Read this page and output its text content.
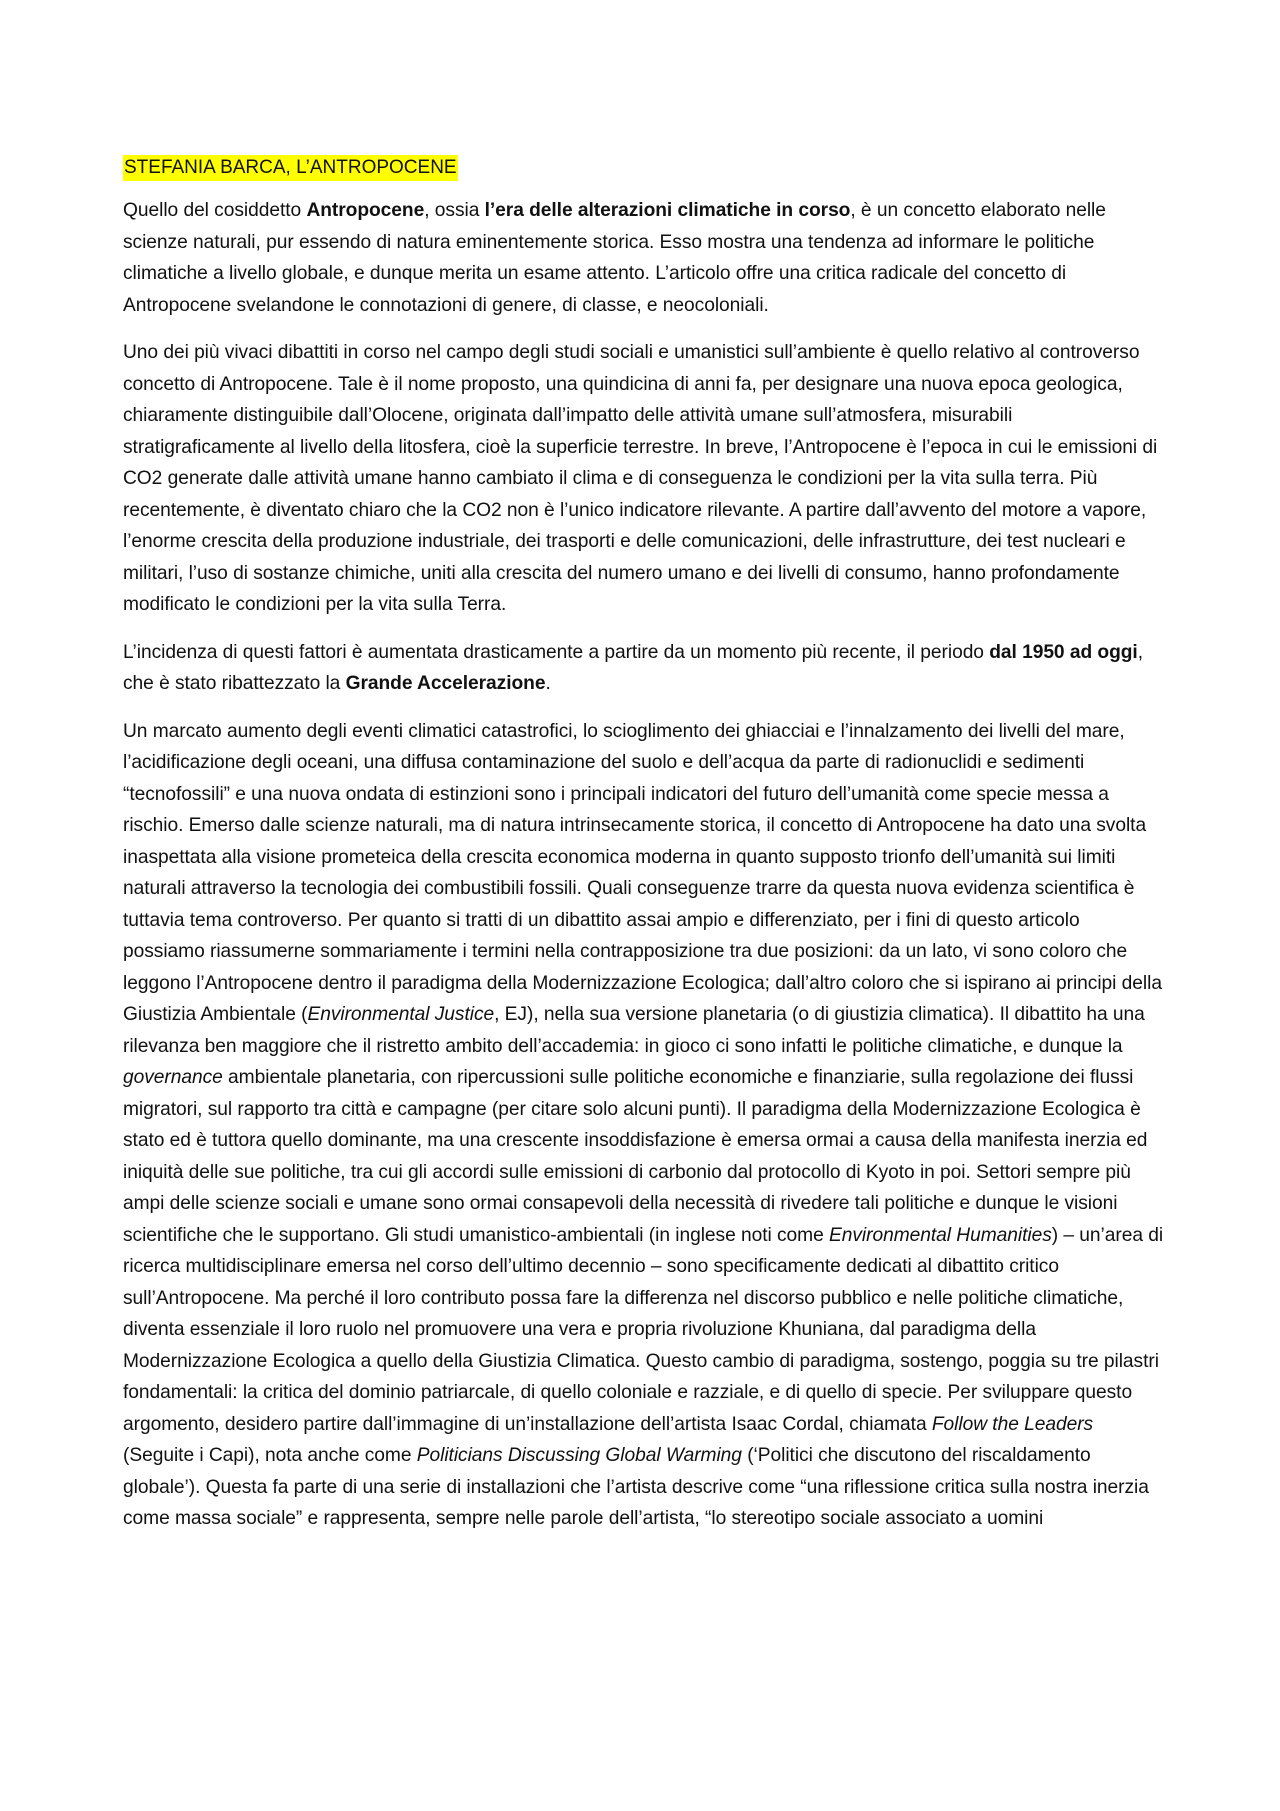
STEFANIA BARCA, L’ANTROPOCENE

Quello del cosiddetto Antropocene, ossia l’era delle alterazioni climatiche in corso, è un concetto elaborato nelle scienze naturali, pur essendo di natura eminentemente storica. Esso mostra una tendenza ad informare le politiche climatiche a livello globale, e dunque merita un esame attento. L’articolo offre una critica radicale del concetto di Antropocene svelandone le connotazioni di genere, di classe, e neocoloniali.

Uno dei più vivaci dibattiti in corso nel campo degli studi sociali e umanistici sull’ambiente è quello relativo al controverso concetto di Antropocene. Tale è il nome proposto, una quindicina di anni fa, per designare una nuova epoca geologica, chiaramente distinguibile dall’Olocene, originata dall’impatto delle attività umane sull’atmosfera, misurabili stratigraficamente al livello della litosfera, cioè la superficie terrestre. In breve, l’Antropocene è l’epoca in cui le emissioni di CO2 generate dalle attività umane hanno cambiato il clima e di conseguenza le condizioni per la vita sulla terra. Più recentemente, è diventato chiaro che la CO2 non è l’unico indicatore rilevante. A partire dall’avvento del motore a vapore, l’enorme crescita della produzione industriale, dei trasporti e delle comunicazioni, delle infrastrutture, dei test nucleari e militari, l’uso di sostanze chimiche, uniti alla crescita del numero umano e dei livelli di consumo, hanno profondamente modificato le condizioni per la vita sulla Terra.

L’incidenza di questi fattori è aumentata drasticamente a partire da un momento più recente, il periodo dal 1950 ad oggi, che è stato ribattezzato la Grande Accelerazione.

Un marcato aumento degli eventi climatici catastrofici, lo scioglimento dei ghiacciai e l’innalzamento dei livelli del mare, l’acidificazione degli oceani, una diffusa contaminazione del suolo e dell’acqua da parte di radionuclidi e sedimenti “tecnofossili” e una nuova ondata di estinzioni sono i principali indicatori del futuro dell’umanità come specie messa a rischio. Emerso dalle scienze naturali, ma di natura intrinsecamente storica, il concetto di Antropocene ha dato una svolta inaspettata alla visione prometeica della crescita economica moderna in quanto supposto trionfo dell’umanità sui limiti naturali attraverso la tecnologia dei combustibili fossili. Quali conseguenze trarre da questa nuova evidenza scientifica è tuttavia tema controverso. Per quanto si tratti di un dibattito assai ampio e differenziato, per i fini di questo articolo possiamo riassumerne sommariamente i termini nella contrapposizione tra due posizioni: da un lato, vi sono coloro che leggono l’Antropocene dentro il paradigma della Modernizzazione Ecologica; dall’altro coloro che si ispirano ai principi della Giustizia Ambientale (Environmental Justice, EJ), nella sua versione planetaria (o di giustizia climatica). Il dibattito ha una rilevanza ben maggiore che il ristretto ambito dell’accademia: in gioco ci sono infatti le politiche climatiche, e dunque la governance ambientale planetaria, con ripercussioni sulle politiche economiche e finanziarie, sulla regolazione dei flussi migratori, sul rapporto tra città e campagne (per citare solo alcuni punti). Il paradigma della Modernizzazione Ecologica è stato ed è tuttora quello dominante, ma una crescente insoddisfazione è emersa ormai a causa della manifesta inerzia ed iniquità delle sue politiche, tra cui gli accordi sulle emissioni di carbonio dal protocollo di Kyoto in poi. Settori sempre più ampi delle scienze sociali e umane sono ormai consapevoli della necessità di rivedere tali politiche e dunque le visioni scientifiche che le supportano. Gli studi umanistico-ambientali (in inglese noti come Environmental Humanities) – un’area di ricerca multidisciplinare emersa nel corso dell’ultimo decennio – sono specificamente dedicati al dibattito critico sull’Antropocene. Ma perché il loro contributo possa fare la differenza nel discorso pubblico e nelle politiche climatiche, diventa essenziale il loro ruolo nel promuovere una vera e propria rivoluzione Khuniana, dal paradigma della Modernizzazione Ecologica a quello della Giustizia Climatica. Questo cambio di paradigma, sostengo, poggia su tre pilastri fondamentali: la critica del dominio patriarcale, di quello coloniale e razziale, e di quello di specie. Per sviluppare questo argomento, desidero partire dall’immagine di un’installazione dell’artista Isaac Cordal, chiamata Follow the Leaders (Seguite i Capi), nota anche come Politicians Discussing Global Warming (‘Politici che discutono del riscaldamento globale’). Questa fa parte di una serie di installazioni che l’artista descrive come “una riflessione critica sulla nostra inerzia come massa sociale” e rappresenta, sempre nelle parole dell’artista, “lo stereotipo sociale associato a uomini
